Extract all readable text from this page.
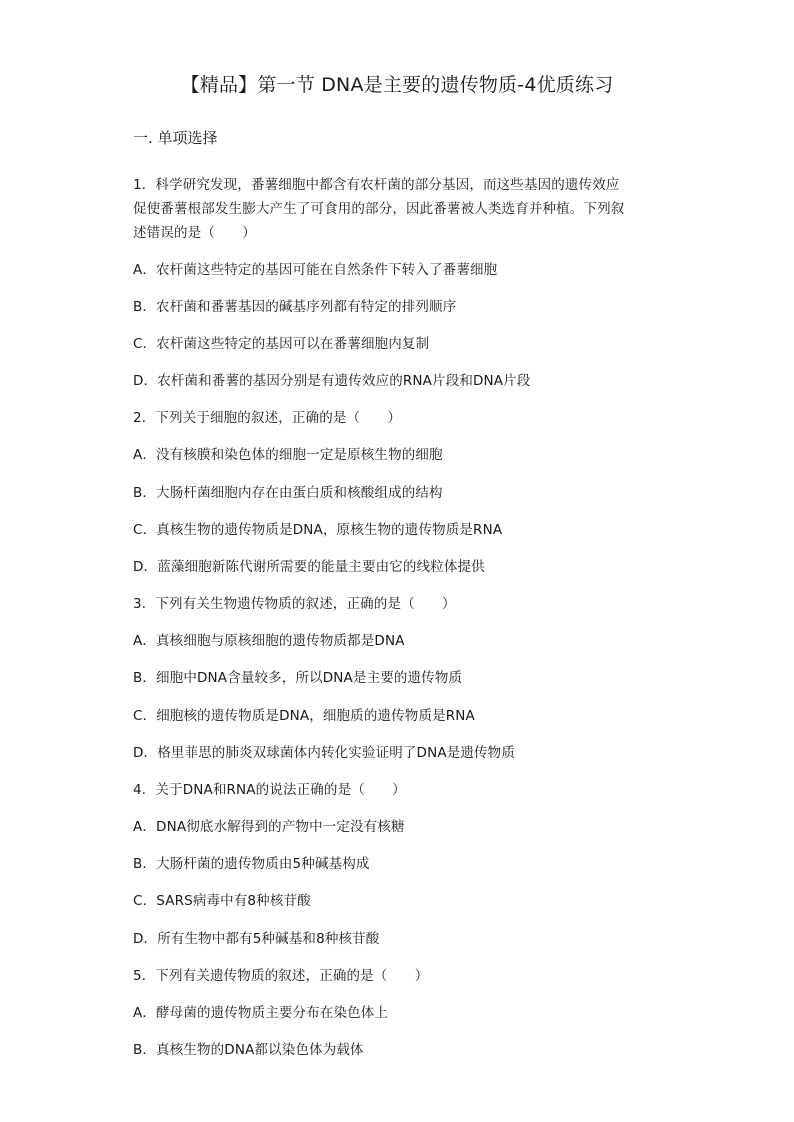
【精品】第一节 DNA是主要的遗传物质-4优质练习
一. 单项选择
1．科学研究发现，番薯细胞中都含有农杆菌的部分基因，而这些基因的遗传效应
促使番薯根部发生膨大产生了可食用的部分，因此番薯被人类选育并种植。下列叙
述错误的是（　　）
A．农杆菌这些特定的基因可能在自然条件下转入了番薯细胞
B．农杆菌和番薯基因的碱基序列都有特定的排列顺序
C．农杆菌这些特定的基因可以在番薯细胞内复制
D．农杆菌和番薯的基因分别是有遗传效应的RNA片段和DNA片段
2．下列关于细胞的叙述，正确的是（　　）
A．没有核膜和染色体的细胞一定是原核生物的细胞
B．大肠杆菌细胞内存在由蛋白质和核酸组成的结构
C．真核生物的遗传物质是DNA，原核生物的遗传物质是RNA
D．蓝藻细胞新陈代谢所需要的能量主要由它的线粒体提供
3．下列有关生物遗传物质的叙述，正确的是（　　）
A．真核细胞与原核细胞的遗传物质都是DNA
B．细胞中DNA含量较多，所以DNA是主要的遗传物质
C．细胞核的遗传物质是DNA，细胞质的遗传物质是RNA
D．格里菲思的肺炎双球菌体内转化实验证明了DNA是遗传物质
4．关于DNA和RNA的说法正确的是（　　）
A．DNA彻底水解得到的产物中一定没有核糖
B．大肠杆菌的遗传物质由5种碱基构成
C．SARS病毒中有8种核苷酸
D．所有生物中都有5种碱基和8种核苷酸
5．下列有关遗传物质的叙述，正确的是（　　）
A．酵母菌的遗传物质主要分布在染色体上
B．真核生物的DNA都以染色体为载体
